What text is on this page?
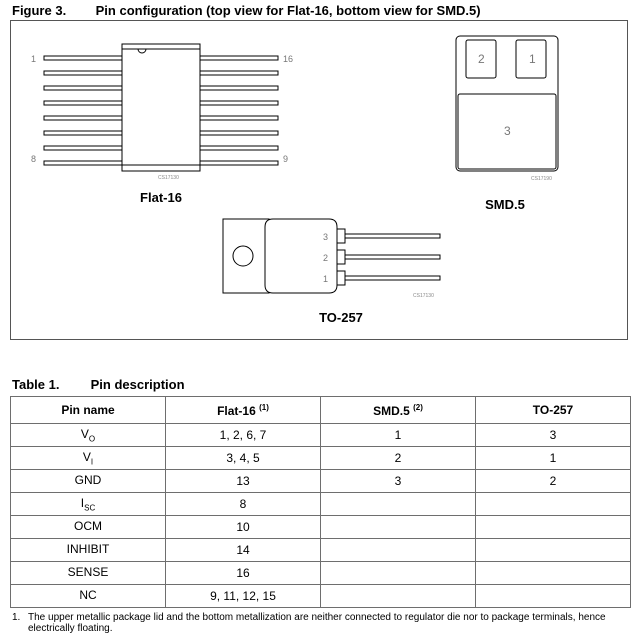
Figure 3. Pin configuration (top view for Flat-16, bottom view for SMD.5)
1	16
8	9
CS17130
Flat-16
2	1
3
CS17190
SMD.5
3
2
1
CS17130
TO-257
Table 1. Pin description
Pin name	Flat-16 $^{(1)}$	SMD.5 $^{(2)}$	TO-257
$V_O$	1, 2, 6, 7	1	3
$V_I$	3, 4, 5	2	1
GND	13	3	2
$I_{SC}$	8		
OCM	10		
INHIBIT	14		
SENSE	16		
NC	9, 11, 12, 15		
1. The upper metallic package lid and the bottom metallization are neither connected to regulator die nor to package terminals, hence electrically floating.
